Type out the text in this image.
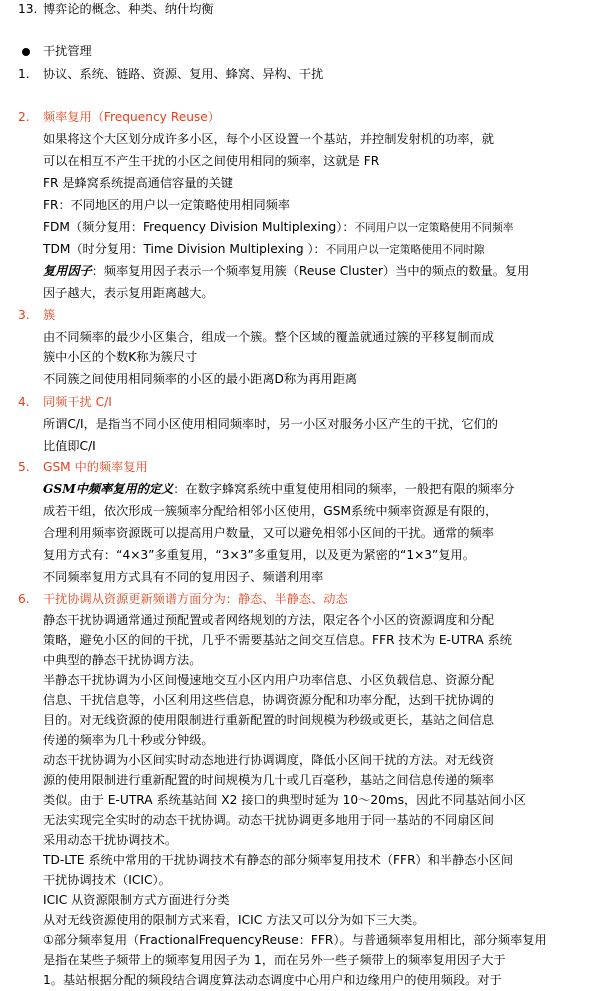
13. 博弈论的概念、种类、纳什均衡
干扰管理
1. 协议、系统、链路、资源、复用、蜂窝、异构、干扰
2. 频率复用（Frequency Reuse）
如果将这个大区划分成许多小区，每个小区设置一个基站，并控制发射机的功率，就
可以在相互不产生干扰的小区之间使用相同的频率，这就是 FR
FR 是蜂窝系统提高通信容量的关键
FR：不同地区的用户以一定策略使用相同频率
FDM（频分复用：Frequency Division Multiplexing）：不同用户以一定策略使用不同频率
TDM（时分复用：Time Division Multiplexing ）：不同用户以一定策略使用不同时隙
复用因子：频率复用因子表示一个频率复用簇（Reuse Cluster）当中的频点的数量。复用
因子越大，表示复用距离越大。
3. 簇
由不同频率的最少小区集合，组成一个簇。整个区域的覆盖就通过簇的平移复制而成
簇中小区的个数K称为簇尺寸
不同簇之间使用相同频率的小区的最小距离D称为再用距离
4. 同频干扰 C/I
所谓C/I，是指当不同小区使用相同频率时，另一小区对服务小区产生的干扰，它们的
比值即C/I
5. GSM 中的频率复用
GSM中频率复用的定义：在数字蜂窝系统中重复使用相同的频率，一般把有限的频率分
成若干组，依次形成一簇频率分配给相邻小区使用，GSM系统中频率资源是有限的，
合理利用频率资源既可以提高用户数量，又可以避免相邻小区间的干扰。通常的频率
复用方式有：“4×3”多重复用，“3×3”多重复用，以及更为紧密的“1×3”复用。
不同频率复用方式具有不同的复用因子、频谱利用率
6. 干扰协调从资源更新频谱方面分为：静态、半静态、动态
静态干扰协调通常通过预配置或者网络规划的方法，限定各个小区的资源调度和分配
策略，避免小区的间的干扰，几乎不需要基站之间交互信息。FFR 技术为 E-UTRA 系统
中典型的静态干扰协调方法。
半静态干扰协调为小区间慢速地交互小区内用户功率信息、小区负载信息、资源分配
信息、干扰信息等，小区利用这些信息，协调资源分配和功率分配，达到干扰协调的
目的。对无线资源的使用限制进行重新配置的时间规模为秒级或更长，基站之间信息
传递的频率为几十秒或分钟级。
动态干扰协调为小区间实时动态地进行协调调度，降低小区间干扰的方法。对无线资
源的使用限制进行重新配置的时间规模为几十或几百毫秒，基站之间信息传递的频率
类似。由于 E-UTRA 系统基站间 X2 接口的典型时延为 10～20ms，因此不同基站间小区
无法实现完全实时的动态干扰协调。动态干扰协调更多地用于同一基站的不同扇区间
采用动态干扰协调技术。
TD-LTE 系统中常用的干扰协调技术有静态的部分频率复用技术（FFR）和半静态小区间
干扰协调技术（ICIC）。
ICIC 从资源限制方式方面进行分类
从对无线资源使用的限制方式来看，ICIC 方法又可以分为如下三大类。
①部分频率复用（FractionalFrequencyReuse：FFR）。与普通频率复用相比，部分频率复用
是指在某些子频带上的频率复用因子为 1，而在另外一些子频带上的频率复用因子大于
1。基站根据分配的频段结合调度算法动态调度中心用户和边缘用户的使用频段。对于
